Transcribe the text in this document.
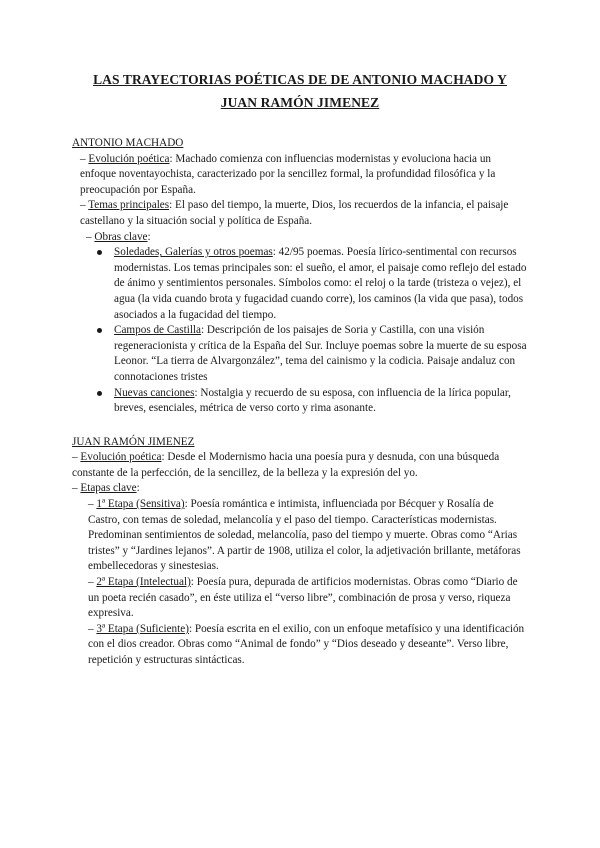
LAS TRAYECTORIAS POÉTICAS DE DE ANTONIO MACHADO Y
JUAN RAMÓN JIMENEZ

ANTONIO MACHADO

– Evolución poética: Machado comienza con influencias modernistas y evoluciona hacia un enfoque noventayochista, caracterizado por la sencillez formal, la profundidad filosófica y la preocupación por España.

– Temas principales: El paso del tiempo, la muerte, Dios, los recuerdos de la infancia, el paisaje castellano y la situación social y política de España.

– Obras clave:

Soledades, Galerías y otros poemas: 42/95 poemas. Poesía lírico-sentimental con recursos modernistas. Los temas principales son: el sueño, el amor, el paisaje como reflejo del estado de ánimo y sentimientos personales. Símbolos como: el reloj o la tarde (tristeza o vejez), el agua (la vida cuando brota y fugacidad cuando corre), los caminos (la vida que pasa), todos asociados a la fugacidad del tiempo.
Campos de Castilla: Descripción de los paisajes de Soria y Castilla, con una visión regeneracionista y crítica de la España del Sur. Incluye poemas sobre la muerte de su esposa Leonor. “La tierra de Alvargonzález”, tema del cainismo y la codicia. Paisaje andaluz con connotaciones tristes
Nuevas canciones: Nostalgia y recuerdo de su esposa, con influencia de la lírica popular, breves, esenciales, métrica de verso corto y rima asonante.
JUAN RAMÓN JIMENEZ

– Evolución poética: Desde el Modernismo hacia una poesía pura y desnuda, con una búsqueda constante de la perfección, de la sencillez, de la belleza y la expresión del yo.

– Etapas clave:

– 1ª Etapa (Sensitiva): Poesía romántica e intimista, influenciada por Bécquer y Rosalía de Castro, con temas de soledad, melancolía y el paso del tiempo. Características modernistas. Predominan sentimientos de soledad, melancolía, paso del tiempo y muerte. Obras como “Arias tristes” y “Jardines lejanos”. A partir de 1908, utiliza el color, la adjetivación brillante, metáforas embellecedoras y sinestesias.

– 2ª Etapa (Intelectual): Poesía pura, depurada de artificios modernistas. Obras como “Diario de un poeta recién casado”, en éste utiliza el “verso libre”, combinación de prosa y verso, riqueza expresiva.

– 3ª Etapa (Suficiente): Poesía escrita en el exilio, con un enfoque metafísico y una identificación con el dios creador. Obras como “Animal de fondo” y “Dios deseado y deseante”. Verso libre, repetición y estructuras sintácticas.
